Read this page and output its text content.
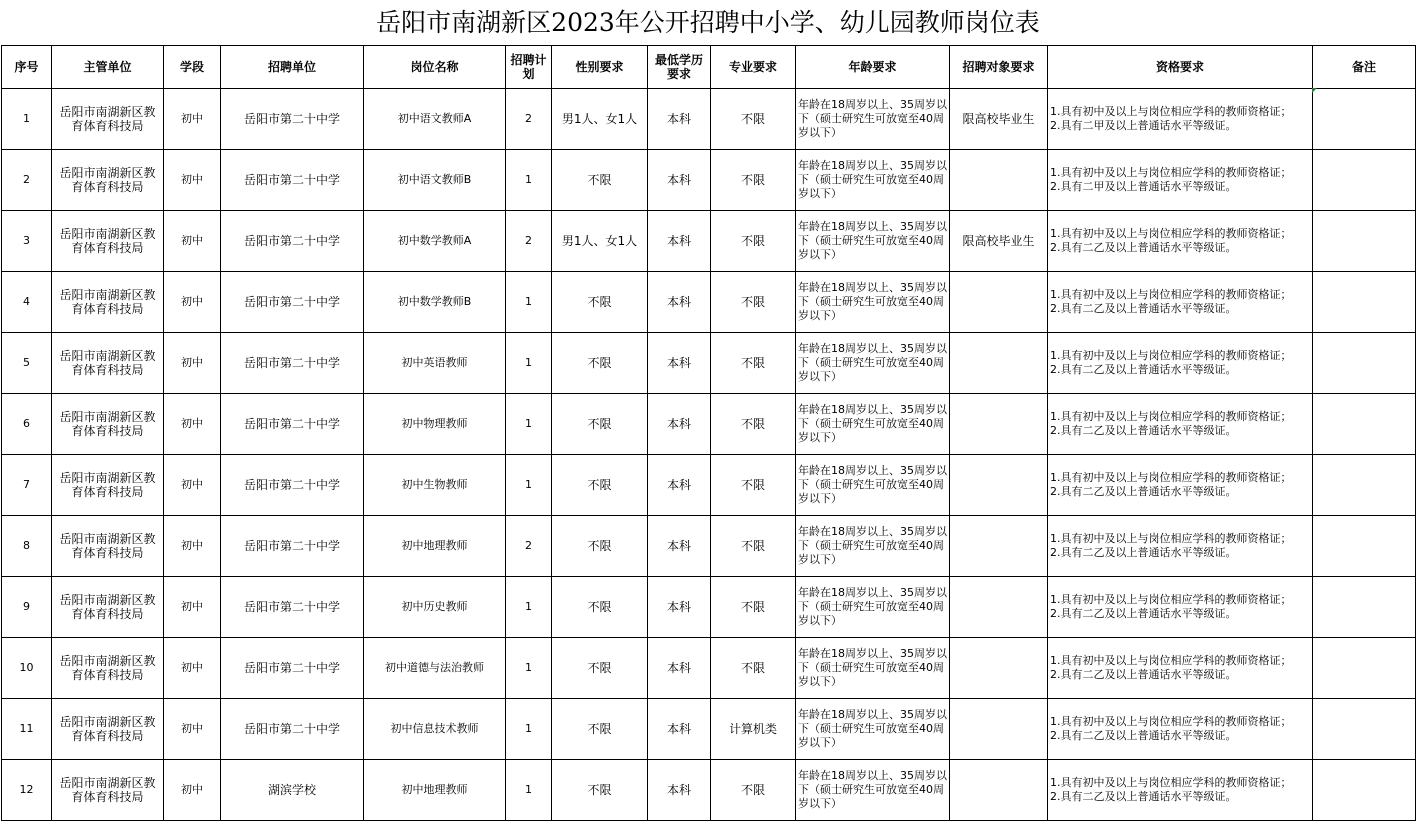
岳阳市南湖新区2023年公开招聘中小学、幼儿园教师岗位表
序号	主管单位	学段	招聘单位	岗位名称	招聘计划	性别要求	最低学历要求	专业要求	年龄要求	招聘对象要求	资格要求	备注
1	岳阳市南湖新区教育体育科技局	初中	岳阳市第二十中学	初中语文教师A	2	男1人、女1人	本科	不限	年龄在18周岁以上、35周岁以下（硕士研究生可放宽至40周岁以下）	限高校毕业生	1.具有初中及以上与岗位相应学科的教师资格证；
2.具有二甲及以上普通话水平等级证。	
2	岳阳市南湖新区教育体育科技局	初中	岳阳市第二十中学	初中语文教师B	1	不限	本科	不限	年龄在18周岁以上、35周岁以下（硕士研究生可放宽至40周岁以下）		1.具有初中及以上与岗位相应学科的教师资格证；
2.具有二甲及以上普通话水平等级证。	
3	岳阳市南湖新区教育体育科技局	初中	岳阳市第二十中学	初中数学教师A	2	男1人、女1人	本科	不限	年龄在18周岁以上、35周岁以下（硕士研究生可放宽至40周岁以下）	限高校毕业生	1.具有初中及以上与岗位相应学科的教师资格证；
2.具有二乙及以上普通话水平等级证。	
4	岳阳市南湖新区教育体育科技局	初中	岳阳市第二十中学	初中数学教师B	1	不限	本科	不限	年龄在18周岁以上、35周岁以下（硕士研究生可放宽至40周岁以下）		1.具有初中及以上与岗位相应学科的教师资格证；
2.具有二乙及以上普通话水平等级证。	
5	岳阳市南湖新区教育体育科技局	初中	岳阳市第二十中学	初中英语教师	1	不限	本科	不限	年龄在18周岁以上、35周岁以下（硕士研究生可放宽至40周岁以下）		1.具有初中及以上与岗位相应学科的教师资格证；
2.具有二乙及以上普通话水平等级证。	
6	岳阳市南湖新区教育体育科技局	初中	岳阳市第二十中学	初中物理教师	1	不限	本科	不限	年龄在18周岁以上、35周岁以下（硕士研究生可放宽至40周岁以下）		1.具有初中及以上与岗位相应学科的教师资格证；
2.具有二乙及以上普通话水平等级证。	
7	岳阳市南湖新区教育体育科技局	初中	岳阳市第二十中学	初中生物教师	1	不限	本科	不限	年龄在18周岁以上、35周岁以下（硕士研究生可放宽至40周岁以下）		1.具有初中及以上与岗位相应学科的教师资格证；
2.具有二乙及以上普通话水平等级证。	
8	岳阳市南湖新区教育体育科技局	初中	岳阳市第二十中学	初中地理教师	2	不限	本科	不限	年龄在18周岁以上、35周岁以下（硕士研究生可放宽至40周岁以下）		1.具有初中及以上与岗位相应学科的教师资格证；
2.具有二乙及以上普通话水平等级证。	
9	岳阳市南湖新区教育体育科技局	初中	岳阳市第二十中学	初中历史教师	1	不限	本科	不限	年龄在18周岁以上、35周岁以下（硕士研究生可放宽至40周岁以下）		1.具有初中及以上与岗位相应学科的教师资格证；
2.具有二乙及以上普通话水平等级证。	
10	岳阳市南湖新区教育体育科技局	初中	岳阳市第二十中学	初中道德与法治教师	1	不限	本科	不限	年龄在18周岁以上、35周岁以下（硕士研究生可放宽至40周岁以下）		1.具有初中及以上与岗位相应学科的教师资格证；
2.具有二乙及以上普通话水平等级证。	
11	岳阳市南湖新区教育体育科技局	初中	岳阳市第二十中学	初中信息技术教师	1	不限	本科	计算机类	年龄在18周岁以上、35周岁以下（硕士研究生可放宽至40周岁以下）		1.具有初中及以上与岗位相应学科的教师资格证；
2.具有二乙及以上普通话水平等级证。	
12	岳阳市南湖新区教育体育科技局	初中	湖滨学校	初中地理教师	1	不限	本科	不限	年龄在18周岁以上、35周岁以下（硕士研究生可放宽至40周岁以下）		1.具有初中及以上与岗位相应学科的教师资格证；
2.具有二乙及以上普通话水平等级证。	
